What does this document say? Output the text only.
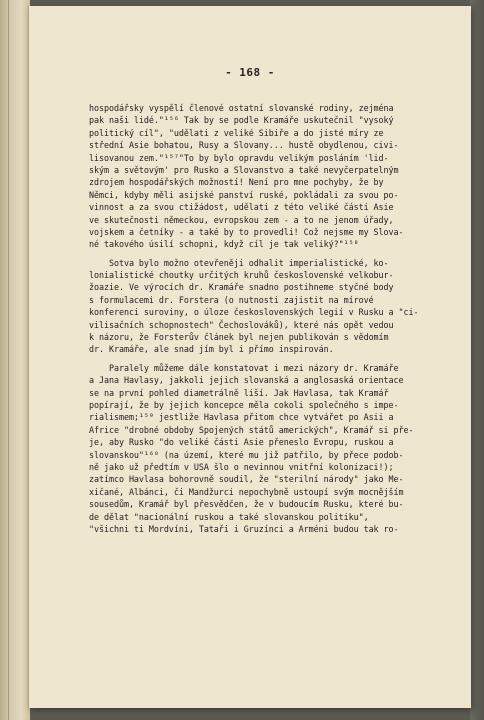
- 168 -
hospodářsky vyspělí členové ostatní slovanské rodiny, zejména
pak naši lidé."¹⁵⁶ Tak by se podle Kramáře uskutečnil "vysoký
politický cíl", "udělati z veliké Sibiře a do jisté míry ze
střední Asie bohatou, Rusy a Slovany... hustě obydlenou, civi-
lisovanou zem."¹⁵⁷"To by bylo opravdu velikým posláním 'lid-
ským a světovým' pro Rusko a Slovanstvo a také nevyčerpatelným
zdrojem hospodářských možností! Není pro mne pochyby, že by
Němci, kdyby měli asijské panství ruské, pokládali za svou po-
vinnost a za svou ctižádost, udělati z této veliké části Asie
ve skutečnosti německou, evropskou zem - a to ne jenom úřady,
vojskem a četníky - a také by to provedli! Což nejsme my Slova-
né takového úsilí schopni, když cíl je tak veliký?"¹⁵⁸
Sotva bylo možno otevřeněji odhalit imperialistické, ko-
lonialistické choutky určitých kruhů československé velkobur-
žoazie. Ve výrocích dr. Kramáře snadno postihneme styčné body
s formulacemi dr. Forstera (o nutnosti zajistit na mírové
konferenci suroviny, o úloze československých legií v Rusku a "ci-
vilisačních schopnostech" Čechoslováků), které nás opět vedou
k názoru, že Forsterův článek byl nejen publikován s vědomím
dr. Kramáře, ale snad jím byl i přímo inspirován.
Paralely můžeme dále konstatovat i mezi názory dr. Kramáře
a Jana Havlasy, jakkoli jejich slovanská a anglosaská orientace
se na první pohled diametrálně liší. Jak Havlasa, tak Kramář
popírají, že by jejich koncepce měla cokoli společného s impe-
rialismem;¹⁵⁹ jestliže Havlasa přitom chce vytvářet po Asii a
Africe "drobné obdoby Spojených států amerických", Kramář si pře-
je, aby Rusko "do veliké části Asie přeneslo Evropu, ruskou a
slovanskou"¹⁶⁰ (na území, které mu již patřilo, by přece podob-
ně jako už předtím v USA šlo o nevinnou vnitřní kolonizaci!);
zatímco Havlasa bohorovně soudil, že "sterilní národy" jako Me-
xičané, Albánci, či Mandžurci nepochybně ustoupí svým mocnějším
sousedům, Kramář byl přesvědčen, že v budoucím Rusku, které bu-
de dělat "nacionální ruskou a také slovanskou politiku",
"všichni ti Mordvíni, Tataři i Gruzínci a Arméni budou tak ro-
